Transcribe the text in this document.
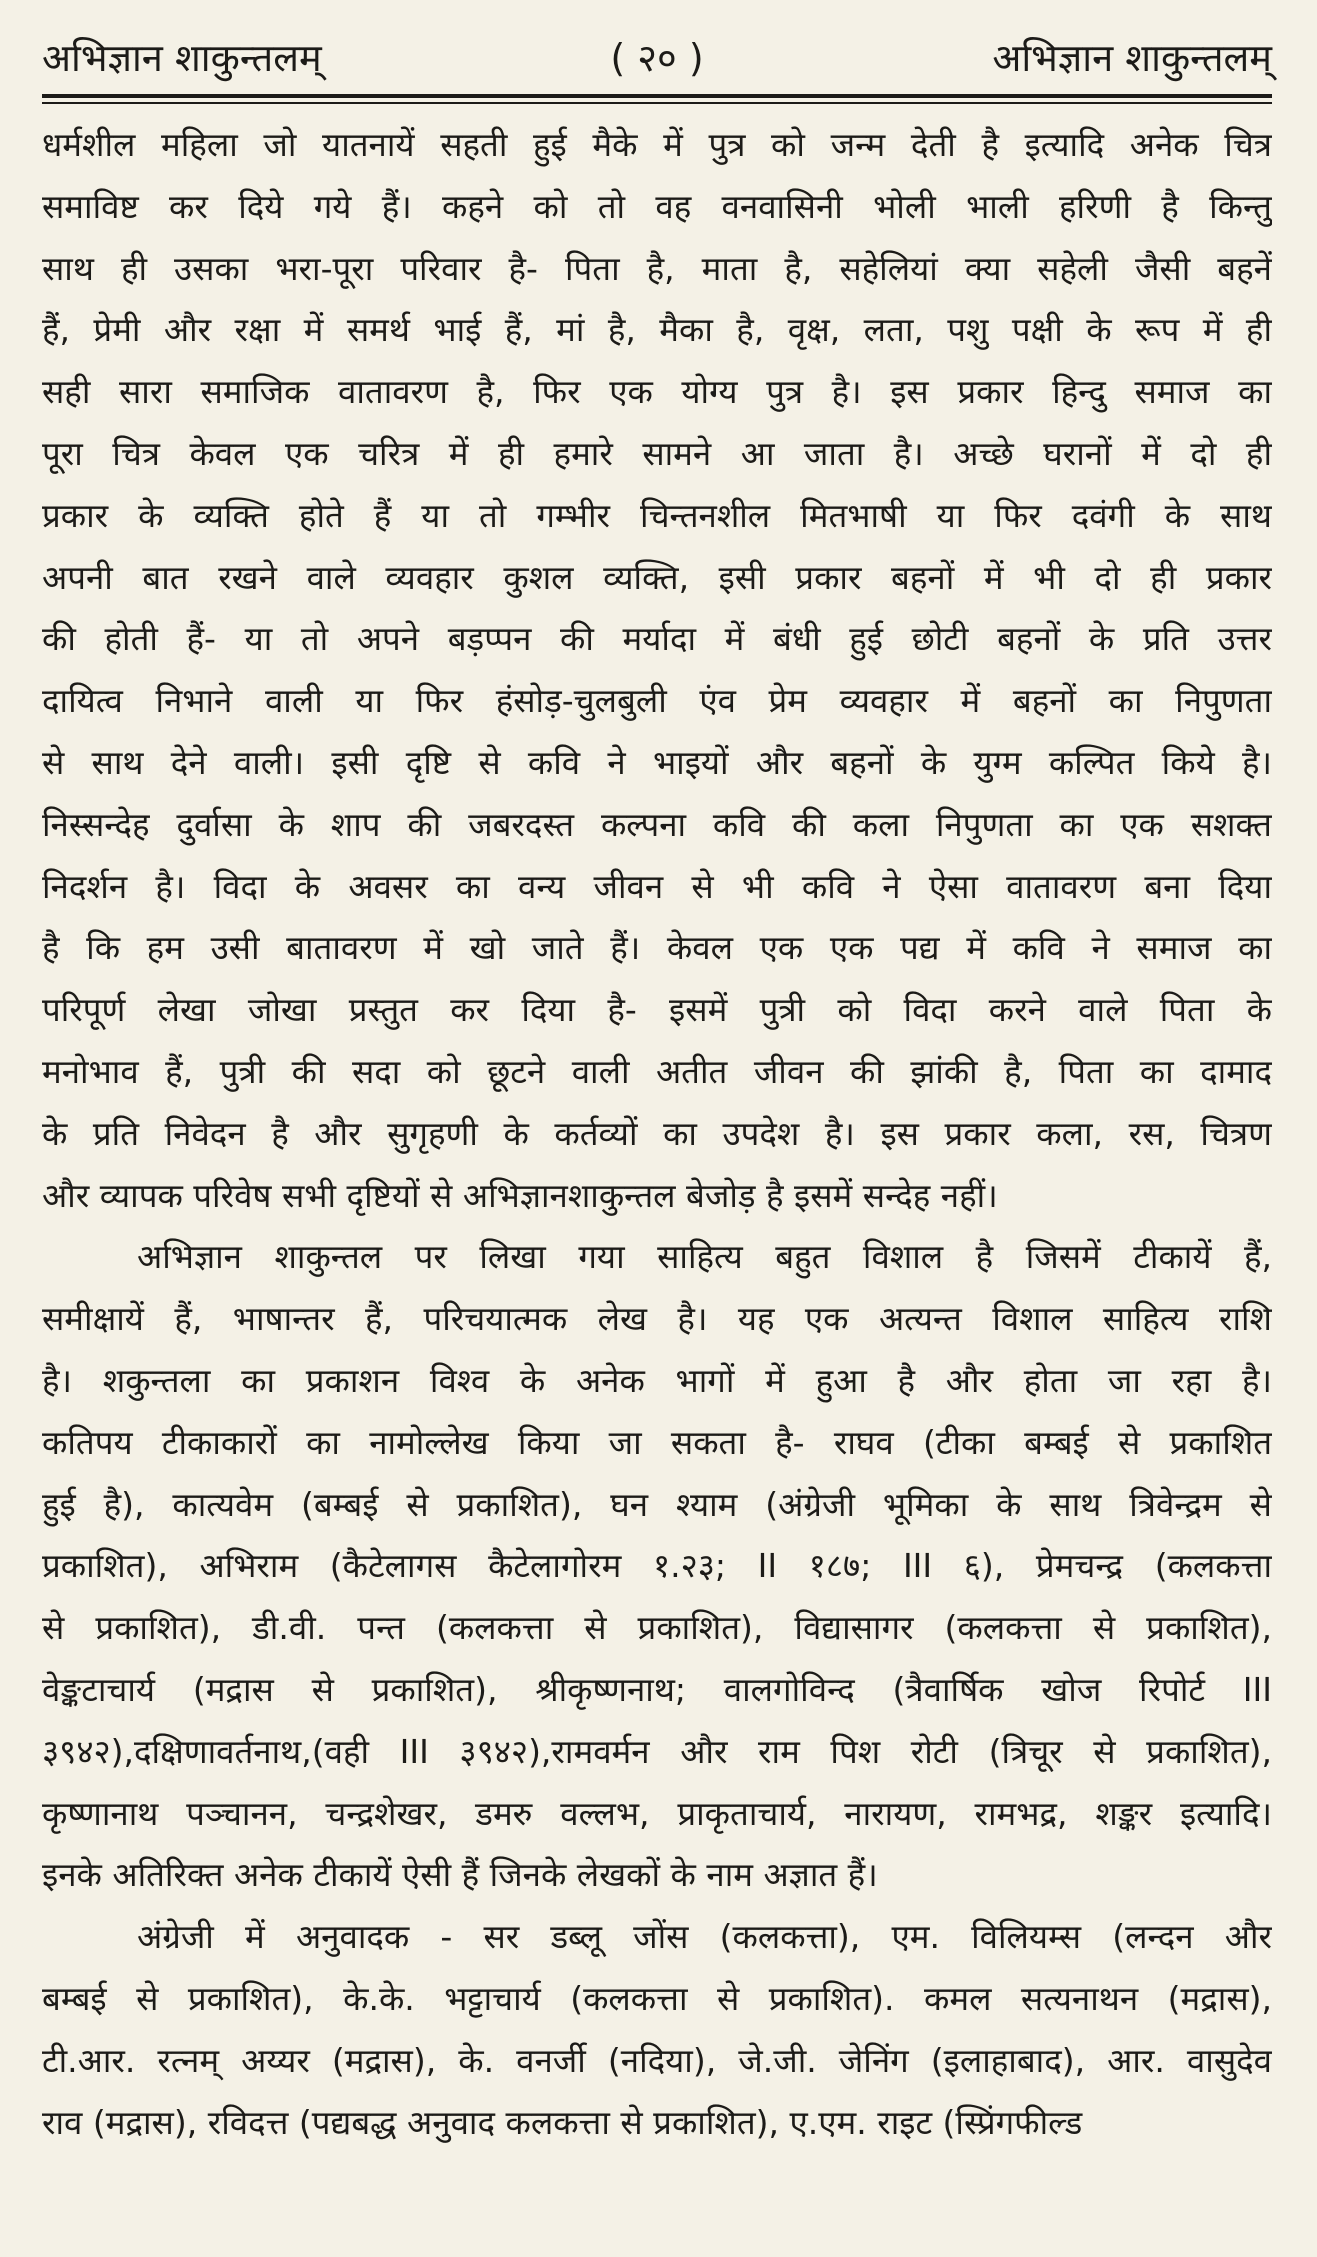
अभिज्ञान शाकुन्तलम्	( २० )	अभिज्ञान शाकुन्तलम्
धर्मशील महिला जो यातनायें सहती हुई मैके में पुत्र को जन्म देती है इत्यादि अनेक चित्र
समाविष्ट कर दिये गये हैं। कहने को तो वह वनवासिनी भोली भाली हरिणी है किन्तु
साथ ही उसका भरा-पूरा परिवार है- पिता है, माता है, सहेलियां क्या सहेली जैसी बहनें
हैं, प्रेमी और रक्षा में समर्थ भाई हैं, मां है, मैका है, वृक्ष, लता, पशु पक्षी के रूप में ही
सही सारा समाजिक वातावरण है, फिर एक योग्य पुत्र है। इस प्रकार हिन्दु समाज का
पूरा चित्र केवल एक चरित्र में ही हमारे सामने आ जाता है। अच्छे घरानों में दो ही
प्रकार के व्यक्ति होते हैं या तो गम्भीर चिन्तनशील मितभाषी या फिर दवंगी के साथ
अपनी बात रखने वाले व्यवहार कुशल व्यक्ति, इसी प्रकार बहनों में भी दो ही प्रकार
की होती हैं- या तो अपने बड़प्पन की मर्यादा में बंधी हुई छोटी बहनों के प्रति उत्तर
दायित्व निभाने वाली या फिर हंसोड़-चुलबुली एंव प्रेम व्यवहार में बहनों का निपुणता
से साथ देने वाली। इसी दृष्टि से कवि ने भाइयों और बहनों के युग्म कल्पित किये है।
निस्सन्देह दुर्वासा के शाप की जबरदस्त कल्पना कवि की कला निपुणता का एक सशक्त
निदर्शन है। विदा के अवसर का वन्य जीवन से भी कवि ने ऐसा वातावरण बना दिया
है कि हम उसी बातावरण में खो जाते हैं। केवल एक एक पद्य में कवि ने समाज का
परिपूर्ण लेखा जोखा प्रस्तुत कर दिया है- इसमें पुत्री को विदा करने वाले पिता के
मनोभाव हैं, पुत्री की सदा को छूटने वाली अतीत जीवन की झांकी है, पिता का दामाद
के प्रति निवेदन है और सुगृहणी के कर्तव्यों का उपदेश है। इस प्रकार कला, रस, चित्रण
और व्यापक परिवेष सभी दृष्टियों से अभिज्ञानशाकुन्तल बेजोड़ है इसमें सन्देह नहीं।
अभिज्ञान शाकुन्तल पर लिखा गया साहित्य बहुत विशाल है जिसमें टीकायें हैं,
समीक्षायें हैं, भाषान्तर हैं, परिचयात्मक लेख है। यह एक अत्यन्त विशाल साहित्य राशि
है। शकुन्तला का प्रकाशन विश्व के अनेक भागों में हुआ है और होता जा रहा है।
कतिपय टीकाकारों का नामोल्लेख किया जा सकता है- राघव (टीका बम्बई से प्रकाशित
हुई है), कात्यवेम (बम्बई से प्रकाशित), घन श्याम (अंग्रेजी भूमिका के साथ त्रिवेन्द्रम से
प्रकाशित), अभिराम (कैटेलागस कैटेलागोरम १.२३; II १८७; III ६), प्रेमचन्द्र (कलकत्ता
से प्रकाशित), डी.वी. पन्त (कलकत्ता से प्रकाशित), विद्यासागर (कलकत्ता से प्रकाशित),
वेङ्कटाचार्य (मद्रास से प्रकाशित), श्रीकृष्णनाथ; वालगोविन्द (त्रैवार्षिक खोज रिपोर्ट III
३९४२),दक्षिणावर्तनाथ,(वही III ३९४२),रामवर्मन और राम पिश रोटी (त्रिचूर से प्रकाशित),
कृष्णानाथ पञ्चानन, चन्द्रशेखर, डमरु वल्लभ, प्राकृताचार्य, नारायण, रामभद्र, शङ्कर इत्यादि।
इनके अतिरिक्त अनेक टीकायें ऐसी हैं जिनके लेखकों के नाम अज्ञात हैं।
अंग्रेजी में अनुवादक - सर डब्लू जोंस (कलकत्ता), एम. विलियम्स (लन्दन और
बम्बई से प्रकाशित), के.के. भट्टाचार्य (कलकत्ता से प्रकाशित). कमल सत्यनाथन (मद्रास),
टी.आर. रत्नम् अय्यर (मद्रास), के. वनर्जी (नदिया), जे.जी. जेनिंग (इलाहाबाद), आर. वासुदेव
राव (मद्रास), रविदत्त (पद्यबद्ध अनुवाद कलकत्ता से प्रकाशित), ए.एम. राइट (स्प्रिंगफील्ड
